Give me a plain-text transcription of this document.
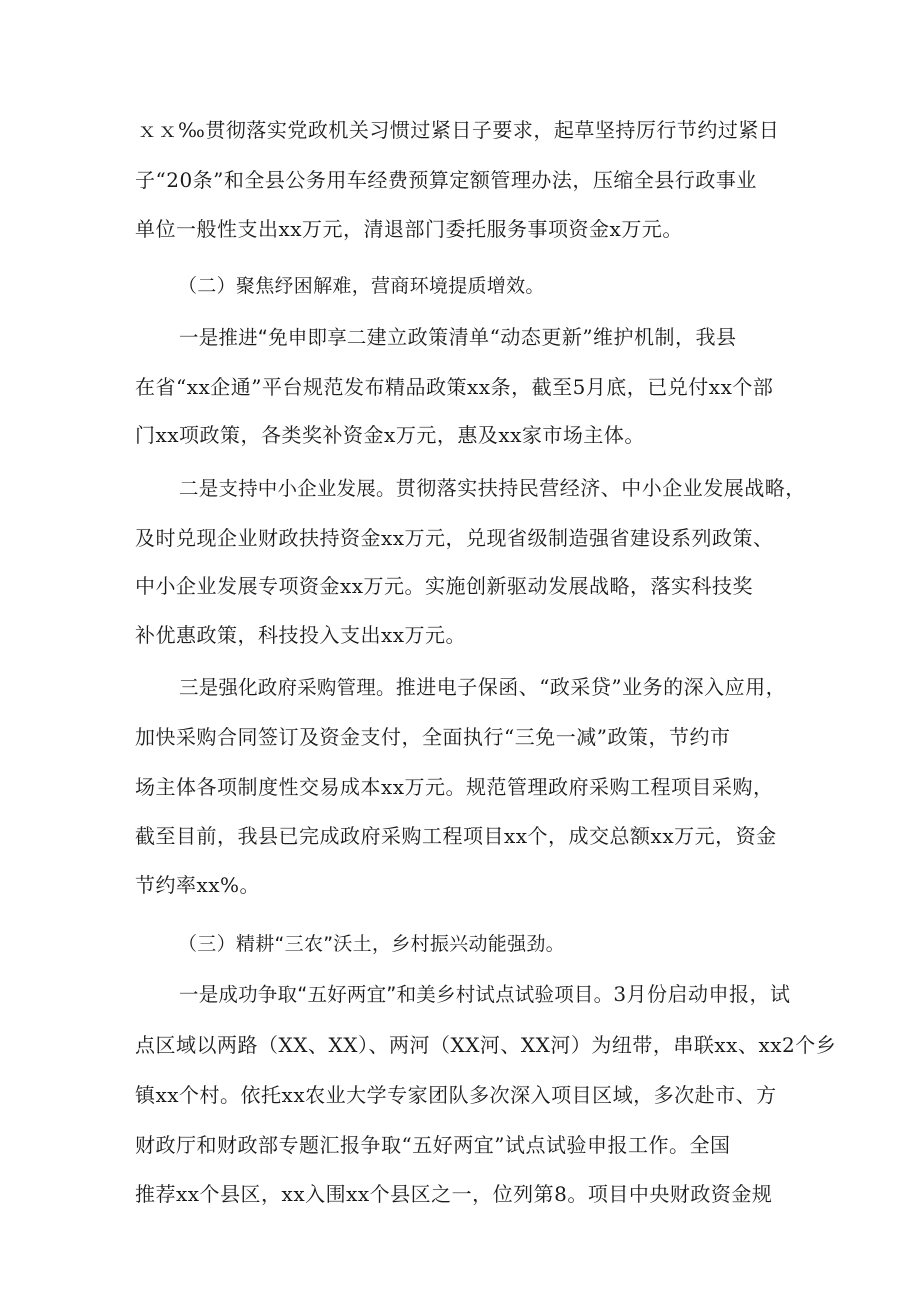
ｘｘ‰贯彻落实党政机关习惯过紧日子要求，起草坚持厉行节约过紧日
子“20条”和全县公务用车经费预算定额管理办法，压缩全县行政事业
单位一般性支出xx万元，清退部门委托服务事项资金x万元。
（二）聚焦纾困解难，营商环境提质增效。
一是推进“免申即享二建立政策清单“动态更新”维护机制，我县
在省“xx企通”平台规范发布精品政策xx条，截至5月底，已兑付xx个部
门xx项政策，各类奖补资金x万元，惠及xx家市场主体。
二是支持中小企业发展。贯彻落实扶持民营经济、中小企业发展战略，
及时兑现企业财政扶持资金xx万元，兑现省级制造强省建设系列政策、
中小企业发展专项资金xx万元。实施创新驱动发展战略，落实科技奖
补优惠政策，科技投入支出xx万元。
三是强化政府采购管理。推进电子保函、“政采贷”业务的深入应用，
加快采购合同签订及资金支付，全面执行“三免一减”政策，节约市
场主体各项制度性交易成本xx万元。规范管理政府采购工程项目采购，
截至目前，我县已完成政府采购工程项目xx个，成交总额xx万元，资金
节约率xx%。
（三）精耕“三农”沃土，乡村振兴动能强劲。
一是成功争取“五好两宜”和美乡村试点试验项目。3月份启动申报，试
点区域以两路（XX、XX）、两河（XX河、XX河）为纽带，串联xx、xx2个乡
镇xx个村。依托xx农业大学专家团队多次深入项目区域，多次赴市、方
财政厅和财政部专题汇报争取“五好两宜”试点试验申报工作。全国
推荐xx个县区，xx入围xx个县区之一，位列第8。项目中央财政资金规
